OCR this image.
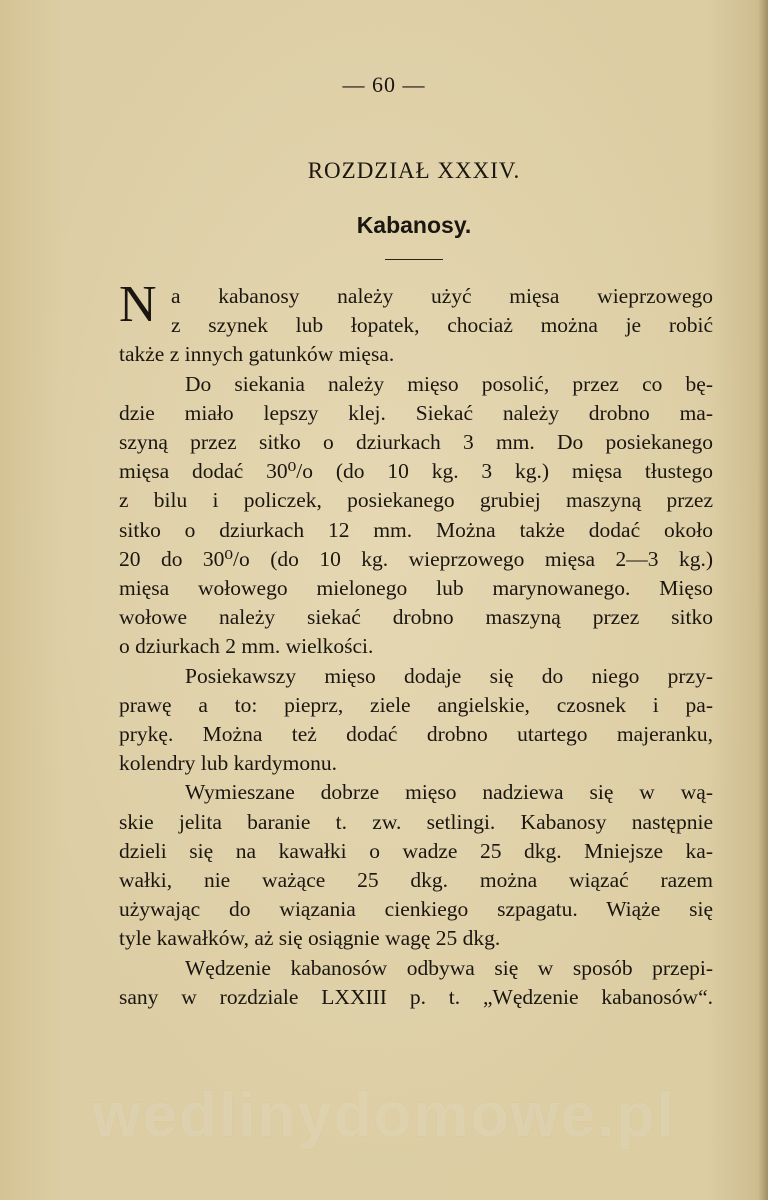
— 60 —
ROZDZIAŁ XXXIV.
Kabanosy.
N a kabanosy należy użyć mięsa wieprzowego
z szynek lub łopatek, chociaż można je robić
także z innych gatunków mięsa.
Do siekania należy mięso posolić, przez co bę-
dzie miało lepszy klej. Siekać należy drobno ma-
szyną przez sitko o dziurkach 3 mm. Do posiekanego
mięsa dodać 30⁰/o (do 10 kg. 3 kg.) mięsa tłustego
z bilu i policzek, posiekanego grubiej maszyną przez
sitko o dziurkach 12 mm. Można także dodać około
20 do 30⁰/o (do 10 kg. wieprzowego mięsa 2—3 kg.)
mięsa wołowego mielonego lub marynowanego. Mięso
wołowe należy siekać drobno maszyną przez sitko
o dziurkach 2 mm. wielkości.
Posiekawszy mięso dodaje się do niego przy-
prawę a to: pieprz, ziele angielskie, czosnek i pa-
prykę. Można też dodać drobno utartego majeranku,
kolendry lub kardymonu.
Wymieszane dobrze mięso nadziewa się w wą-
skie jelita baranie t. zw. setlingi. Kabanosy następnie
dzieli się na kawałki o wadze 25 dkg. Mniejsze ka-
wałki, nie ważące 25 dkg. można wiązać razem
używając do wiązania cienkiego szpagatu. Wiąże się
tyle kawałków, aż się osiągnie wagę 25 dkg.
Wędzenie kabanosów odbywa się w sposób przepi-
sany w rozdziale LXXIII p. t. „Wędzenie kabanosów“.
wedlinydomowe.pl
